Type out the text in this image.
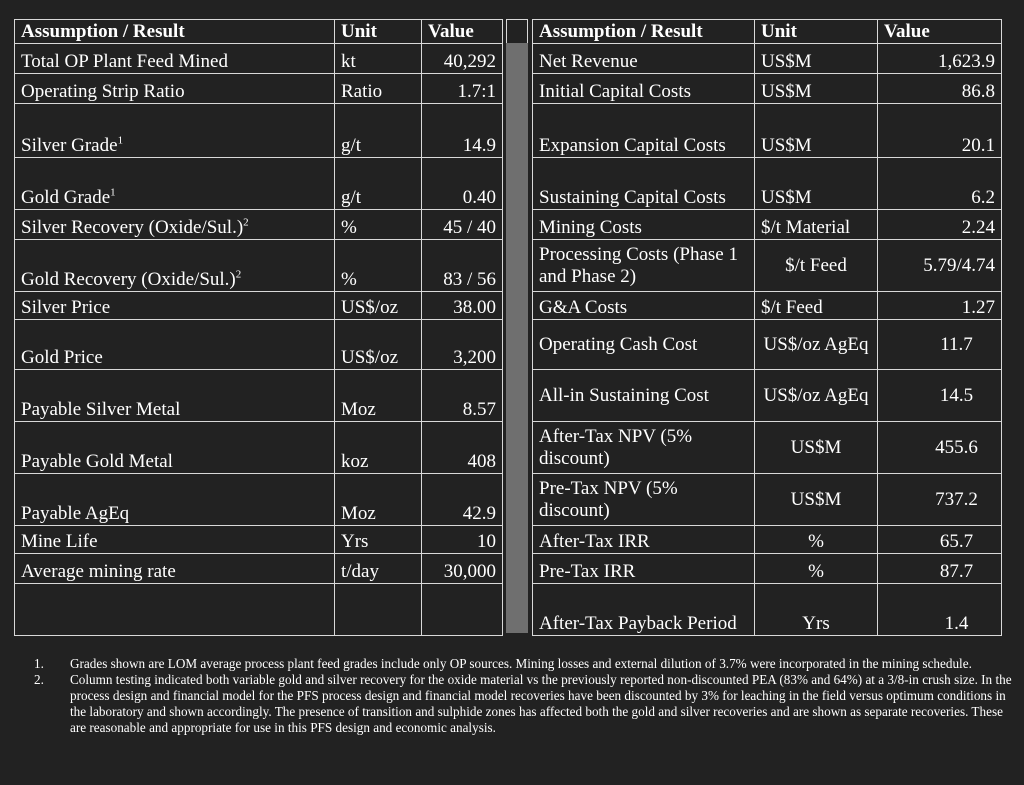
Assumption / Result	Unit	Value
Total OP Plant Feed Mined	kt	40,292
Operating Strip Ratio	Ratio	1.7:1
Silver Grade$^1$	g/t	14.9
Gold Grade$^1$	g/t	0.40
Silver Recovery (Oxide/Sul.)$^2$	%	45 / 40
Gold Recovery (Oxide/Sul.)$^2$	%	83 / 56
Silver Price	US$/oz	38.00
Gold Price	US$/oz	3,200
Payable Silver Metal	Moz	8.57
Payable Gold Metal	koz	408
Payable AgEq	Moz	42.9
Mine Life	Yrs	10
Average mining rate	t/day	30,000

Assumption / Result	Unit	Value
Net Revenue	US$M	1,623.9
Initial Capital Costs	US$M	86.8
Expansion Capital Costs	US$M	20.1
Sustaining Capital Costs	US$M	6.2
Mining Costs	$/t Material	2.24
Processing Costs (Phase 1 and Phase 2)	$/t Feed	5.79/4.74
G&A Costs	$/t Feed	1.27
Operating Cash Cost	US$/oz AgEq	11.7
All-in Sustaining Cost	US$/oz AgEq	14.5
After-Tax NPV (5% discount)	US$M	455.6
Pre-Tax NPV (5% discount)	US$M	737.2
After-Tax IRR	%	65.7
Pre-Tax IRR	%	87.7
After-Tax Payback Period	Yrs	1.4
1. Grades shown are LOM average process plant feed grades include only OP sources. Mining losses and external dilution of 3.7% were incorporated in the mining schedule.
2. Column testing indicated both variable gold and silver recovery for the oxide material vs the previously reported non-discounted PEA (83% and 64%) at a 3/8-in crush size. In the process design and financial model for the PFS process design and financial model recoveries have been discounted by 3% for leaching in the field versus optimum conditions in the laboratory and shown accordingly. The presence of transition and sulphide zones has affected both the gold and silver recoveries and are shown as separate recoveries. These are reasonable and appropriate for use in this PFS design and economic analysis.
